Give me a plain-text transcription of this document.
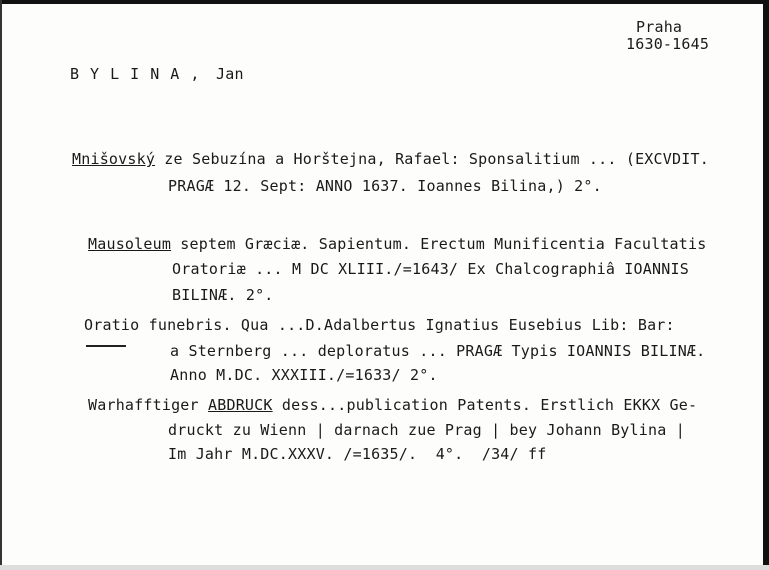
Praha
1630-1645
B Y L I N A , Jan
Mnišovský ze Sebuzína a Horštejna, Rafael: Sponsalitium ... (EXCVDIT.
PRAGÆ 12. Sept: ANNO 1637. Ioannes Bilina,) 2°.
Mausoleum septem Græciæ. Sapientum. Erectum Munificentia Facultatis
Oratoriæ ... M DC XLIII./=1643/ Ex Chalcographiâ IOANNIS
BILINÆ. 2°.
Oratio funebris. Qua ...D.Adalbertus Ignatius Eusebius Lib: Bar:
a Sternberg ... deploratus ... PRAGÆ Typis IOANNIS BILINÆ.
Anno M.DC. XXXIII./=1633/ 2°.
Warhafftiger ABDRUCK dess...publication Patents. Erstlich EKKX Ge-
druckt zu Wienn | darnach zue Prag | bey Johann Bylina |
Im Jahr M.DC.XXXV. /=1635/.  4°.  /34/ ff
